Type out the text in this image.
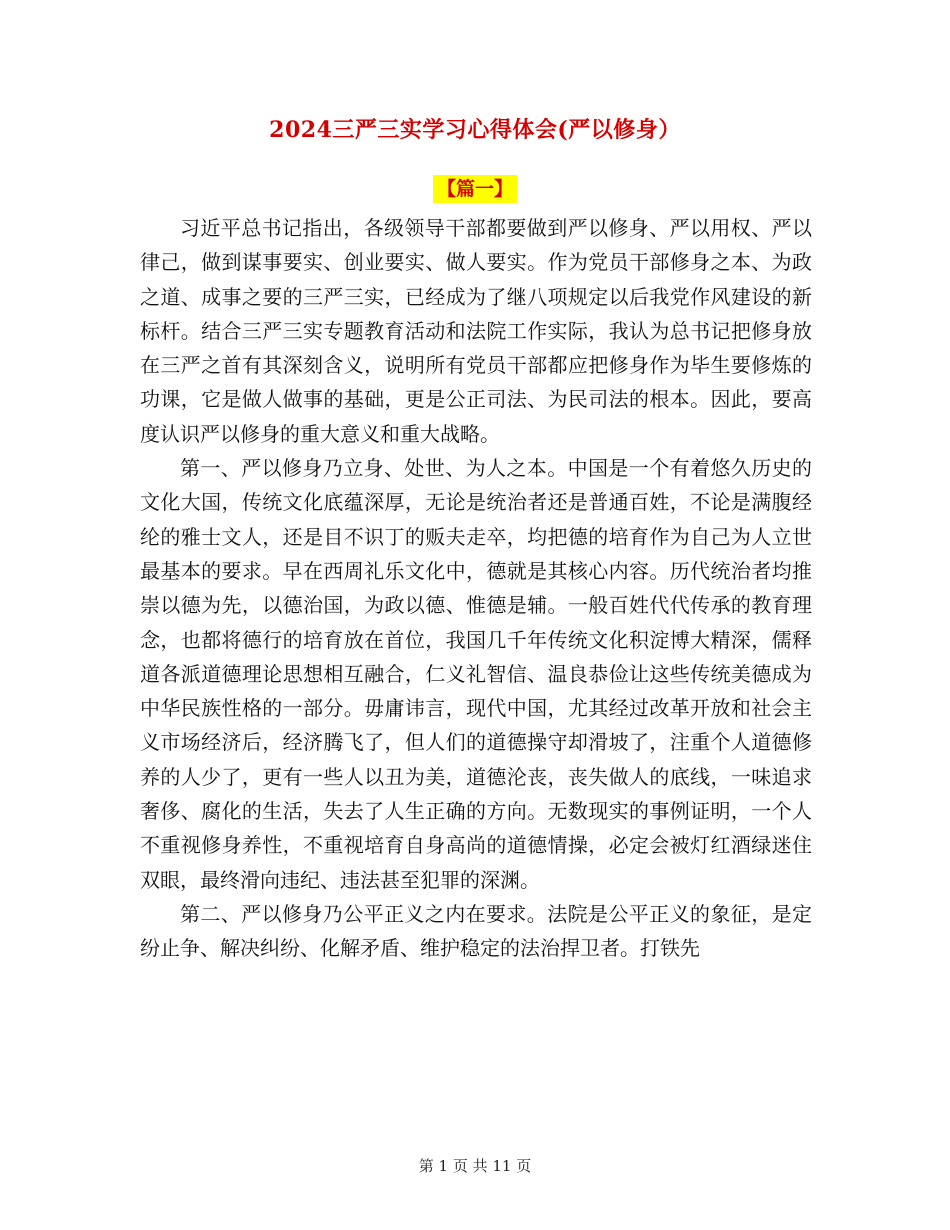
2024三严三实学习心得体会(严以修身）
【篇一】

习近平总书记指出，各级领导干部都要做到严以修身、严以用权、严以律己，做到谋事要实、创业要实、做人要实。作为党员干部修身之本、为政之道、成事之要的三严三实，已经成为了继八项规定以后我党作风建设的新标杆。结合三严三实专题教育活动和法院工作实际，我认为总书记把修身放在三严之首有其深刻含义，说明所有党员干部都应把修身作为毕生要修炼的功课，它是做人做事的基础，更是公正司法、为民司法的根本。因此，要高度认识严以修身的重大意义和重大战略。

第一、严以修身乃立身、处世、为人之本。中国是一个有着悠久历史的文化大国，传统文化底蕴深厚，无论是统治者还是普通百姓，不论是满腹经纶的雅士文人，还是目不识丁的贩夫走卒，均把德的培育作为自己为人立世最基本的要求。早在西周礼乐文化中，德就是其核心内容。历代统治者均推崇以德为先，以德治国，为政以德、惟德是辅。一般百姓代代传承的教育理念，也都将德行的培育放在首位，我国几千年传统文化积淀博大精深，儒释道各派道德理论思想相互融合，仁义礼智信、温良恭俭让这些传统美德成为中华民族性格的一部分。毋庸讳言，现代中国，尤其经过改革开放和社会主义市场经济后，经济腾飞了，但人们的道德操守却滑坡了，注重个人道德修养的人少了，更有一些人以丑为美，道德沦丧，丧失做人的底线，一味追求奢侈、腐化的生活，失去了人生正确的方向。无数现实的事例证明，一个人不重视修身养性，不重视培育自身高尚的道德情操，必定会被灯红酒绿迷住双眼，最终滑向违纪、违法甚至犯罪的深渊。

第二、严以修身乃公平正义之内在要求。法院是公平正义的象征，是定纷止争、解决纠纷、化解矛盾、维护稳定的法治捍卫者。打铁先

第 1 页 共 11 页
